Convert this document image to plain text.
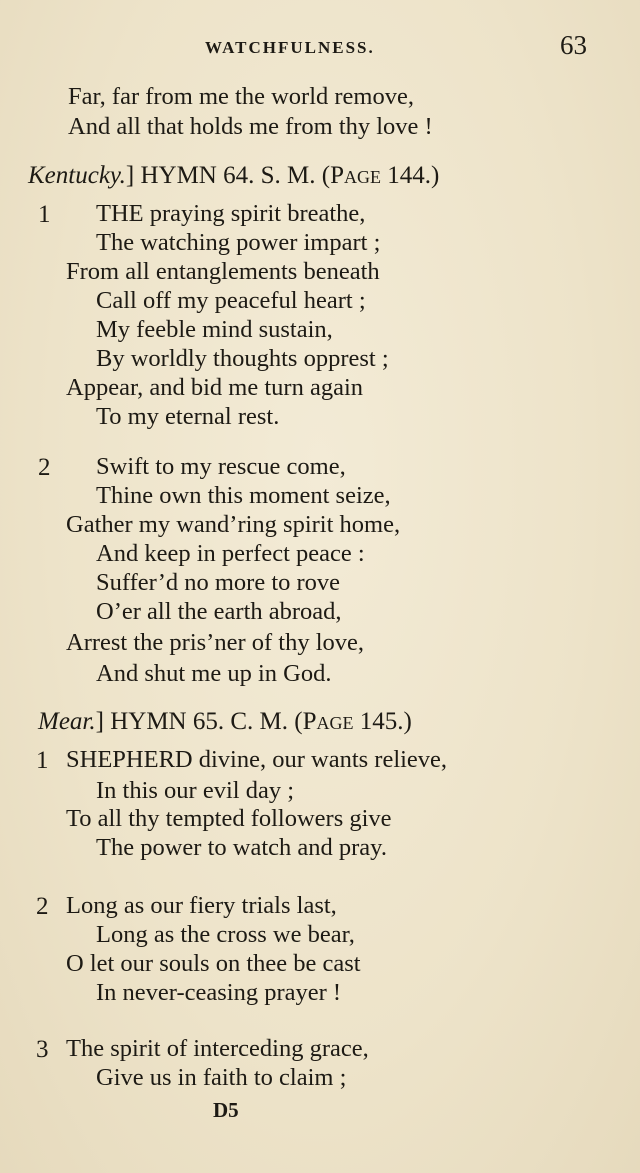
WATCHFULNESS.	63
Far, far from me the world remove,
And all that holds me from thy love !
Kentucky.] HYMN 64. S. M. (Page 144.)
1 THE praying spirit breathe,
The watching power impart ;
From all entanglements beneath
Call off my peaceful heart ;
My feeble mind sustain,
By worldly thoughts opprest ;
Appear, and bid me turn again
To my eternal rest.
2 Swift to my rescue come,
Thine own this moment seize,
Gather my wand’ring spirit home,
And keep in perfect peace :
Suffer’d no more to rove
O’er all the earth abroad,
Arrest the pris’ner of thy love,
And shut me up in God.
Mear.] HYMN 65. C. M. (Page 145.)
1 SHEPHERD divine, our wants relieve,
In this our evil day ;
To all thy tempted followers give
The power to watch and pray.
2 Long as our fiery trials last,
Long as the cross we bear,
O let our souls on thee be cast
In never-ceasing prayer !
3 The spirit of interceding grace,
Give us in faith to claim ;
D5
